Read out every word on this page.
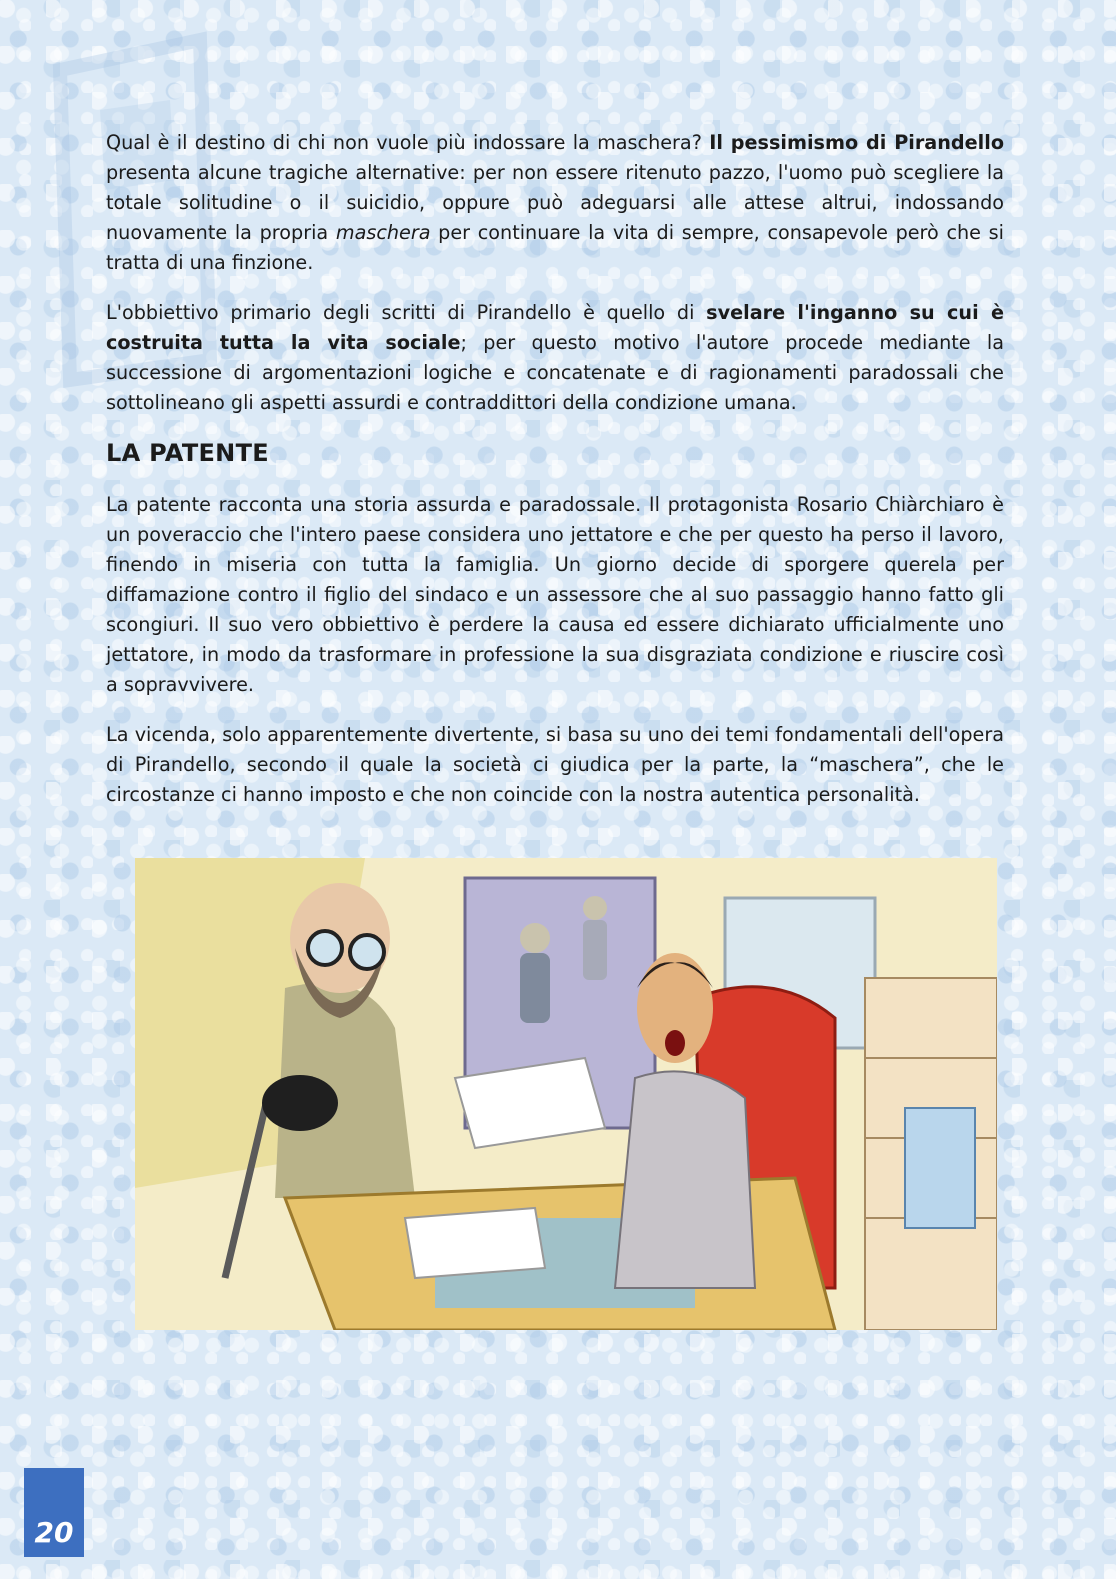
Qual è il destino di chi non vuole più indossare la maschera? Il pessimismo di Pirandello presenta alcune tragiche alternative: per non essere ritenuto pazzo, l'uomo può scegliere la totale solitudine o il suicidio, oppure può adeguarsi alle attese altrui, indossando nuovamente la propria maschera per continuare la vita di sempre, consapevole però che si tratta di una finzione.

L'obbiettivo primario degli scritti di Pirandello è quello di svelare l'inganno su cui è costruita tutta la vita sociale; per questo motivo l'autore procede mediante la successione di argomentazioni logiche e concatenate e di ragionamenti paradossali che sottolineano gli aspetti assurdi e contraddittori della condizione umana.

LA PATENTE

La patente racconta una storia assurda e paradossale. Il protagonista Rosario Chiàrchiaro è un poveraccio che l'intero paese considera uno jettatore e che per questo ha perso il lavoro, finendo in miseria con tutta la famiglia. Un giorno decide di sporgere querela per diffamazione contro il figlio del sindaco e un assessore che al suo passaggio hanno fatto gli scongiuri. Il suo vero obbiettivo è perdere la causa ed essere dichiarato ufficialmente uno jettatore, in modo da trasformare in professione la sua disgraziata condizione e riuscire così a sopravvivere.

La vicenda, solo apparentemente divertente, si basa su uno dei temi fondamentali dell'opera di Pirandello, secondo il quale la società ci giudica per la parte, la “maschera”, che le circostanze ci hanno imposto e che non coincide con la nostra autentica personalità.

20
